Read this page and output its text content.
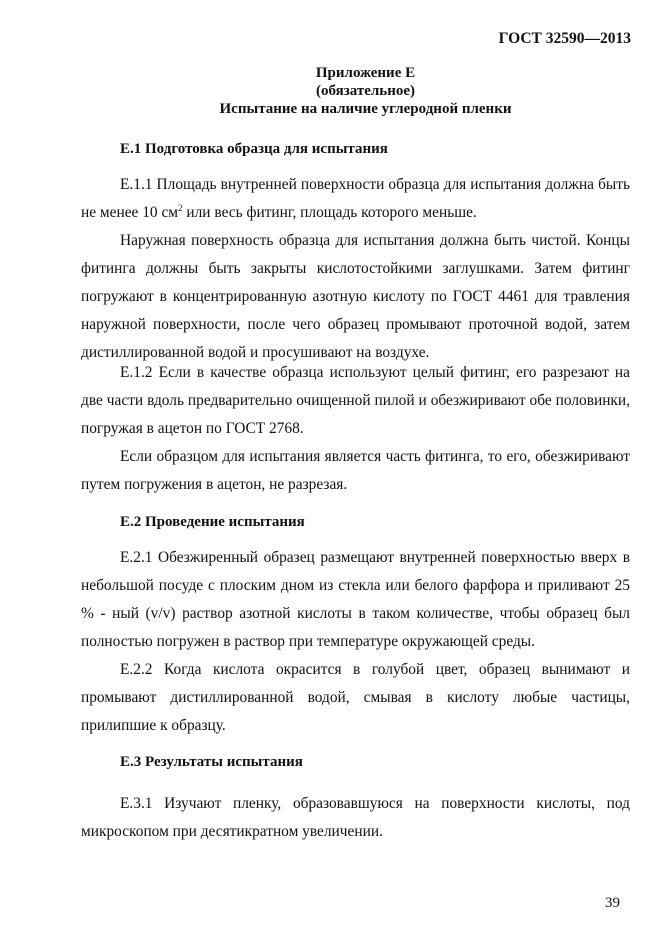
ГОСТ 32590—2013
Приложение Е
(обязательное)
Испытание на наличие углеродной пленки
Е.1 Подготовка образца для испытания
Е.1.1 Площадь внутренней поверхности образца для испытания должна быть не менее 10 $см^2$ или весь фитинг, площадь которого меньше.
Наружная поверхность образца для испытания должна быть чистой. Концы фитинга должны быть закрыты кислотостойкими заглушками. Затем фитинг погружают в концентрированную азотную кислоту по ГОСТ 4461 для травления наружной поверхности, после чего образец промывают проточной водой, затем дистиллированной водой и просушивают на воздухе.
Е.1.2 Если в качестве образца используют целый фитинг, его разрезают на две части вдоль предварительно очищенной пилой и обезжиривают обе половинки, погружая в ацетон по ГОСТ 2768.
Если образцом для испытания является часть фитинга, то его, обезжиривают путем погружения в ацетон, не разрезая.
Е.2 Проведение испытания
Е.2.1 Обезжиренный образец размещают внутренней поверхностью вверх в небольшой посуде с плоским дном из стекла или белого фарфора и приливают 25 % - ный (v/v) раствор азотной кислоты в таком количестве, чтобы образец был полностью погружен в раствор при температуре окружающей среды.
Е.2.2 Когда кислота окрасится в голубой цвет, образец вынимают и промывают дистиллированной водой, смывая в кислоту любые частицы, прилипшие к образцу.
Е.3 Результаты испытания
Е.3.1 Изучают пленку, образовавшуюся на поверхности кислоты, под микроскопом при десятикратном увеличении.
39
